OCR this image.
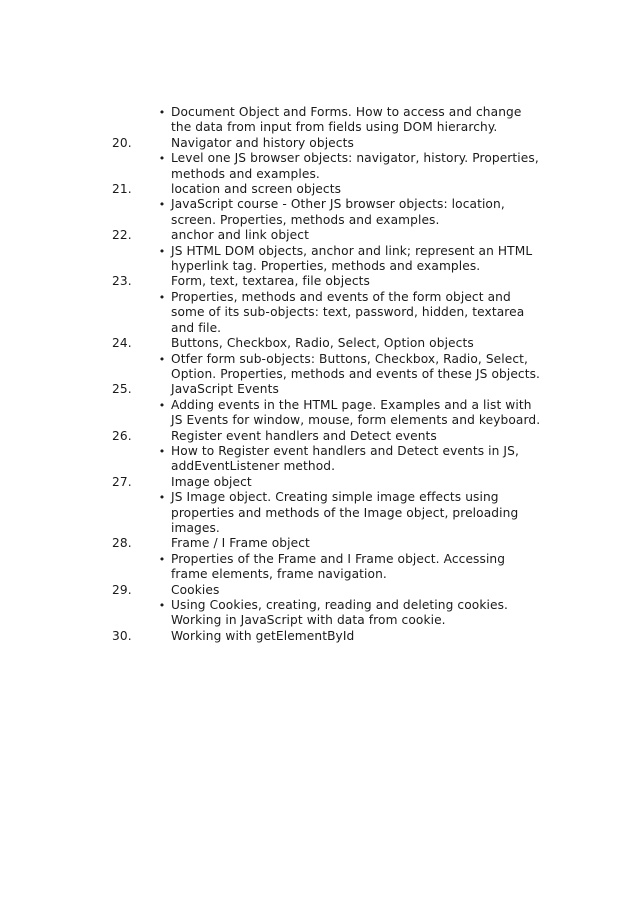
• Document Object and Forms. How to access and change the data from input from fields using DOM hierarchy.
20.	Navigator and history objects
• Level one JS browser objects: navigator, history. Properties, methods and examples.
21.	location and screen objects
• JavaScript course - Other JS browser objects: location, screen. Properties, methods and examples.
22.	anchor and link object
• JS HTML DOM objects, anchor and link; represent an HTML hyperlink tag. Properties, methods and examples.
23.	Form, text, textarea, file objects
• Properties, methods and events of the form object and some of its sub-objects: text, password, hidden, textarea and file.
24.	Buttons, Checkbox, Radio, Select, Option objects
• Otfer form sub-objects: Buttons, Checkbox, Radio, Select, Option. Properties, methods and events of these JS objects.
25.	JavaScript Events
• Adding events in the HTML page. Examples and a list with JS Events for window, mouse, form elements and keyboard.
26.	Register event handlers and Detect events
• How to Register event handlers and Detect events in JS, addEventListener method.
27.	Image object
• JS Image object. Creating simple image effects using properties and methods of the Image object, preloading images.
28.	Frame / I Frame object
• Properties of the Frame and I Frame object. Accessing frame elements, frame navigation.
29.	Cookies
• Using Cookies, creating, reading and deleting cookies. Working in JavaScript with data from cookie.
30.	Working with getElementById
